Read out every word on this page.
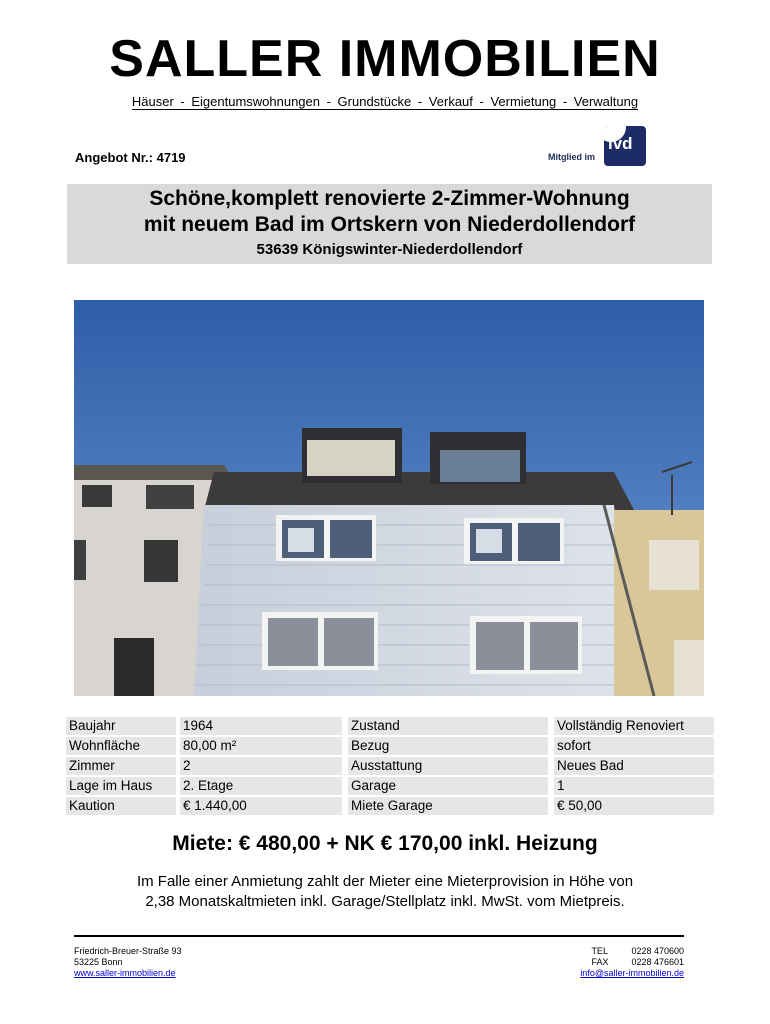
SALLER IMMOBILIEN
Häuser - Eigentumswohnungen - Grundstücke - Verkauf - Vermietung - Verwaltung
Angebot Nr.: 4719	Mitglied im
ivd
Schöne,komplett renovierte 2-Zimmer-Wohnung
mit neuem Bad im Ortskern von Niederdollendorf
53639 Königswinter-Niederdollendorf
Baujahr	1964	Zustand	Vollständig Renoviert
Wohnfläche	80,00 m²	Bezug	sofort
Zimmer	2	Ausstattung	Neues Bad
Lage im Haus	2. Etage	Garage	1
Kaution	€ 1.440,00	Miete Garage	€ 50,00
Miete: € 480,00 + NK € 170,00 inkl. Heizung
Im Falle einer Anmietung zahlt der Mieter eine Mieterprovision in Höhe von
2,38 Monatskaltmieten inkl. Garage/Stellplatz inkl. MwSt. vom Mietpreis.
Friedrich-Breuer-Straße 93
53225 Bonn
www.saller-immobilien.de
TEL	0228 470600
FAX	0228 476601
info@saller-immobilien.de
